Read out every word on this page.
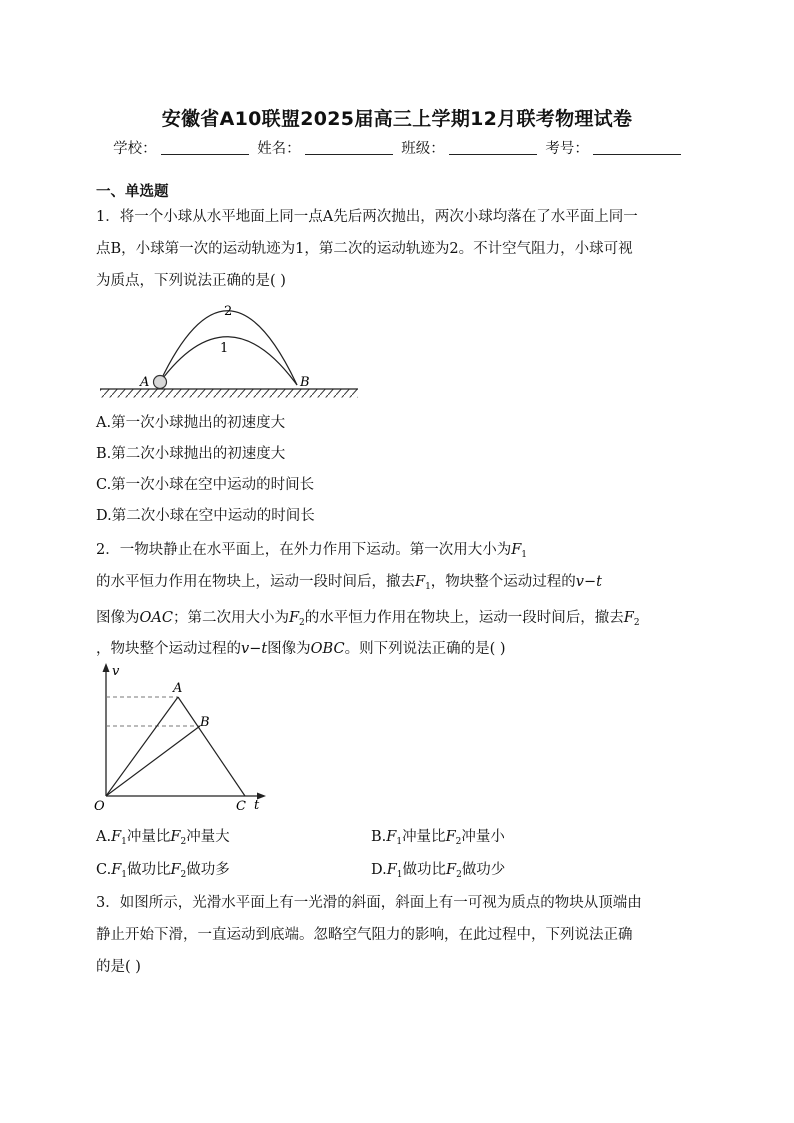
安徽省A10联盟2025届高三上学期12月联考物理试卷
学校：	姓名：	班级：	考号：
一、单选题
1．将一个小球从水平地面上同一点A先后两次抛出，两次小球均落在了水平面上同一
点B，小球第一次的运动轨迹为1，第二次的运动轨迹为2。不计空气阻力，小球可视
为质点，下列说法正确的是( )
A	B
2
1
A.第一次小球抛出的初速度大
B.第二次小球抛出的初速度大
C.第一次小球在空中运动的时间长
D.第二次小球在空中运动的时间长
2．一物块静止在水平面上，在外力作用下运动。第一次用大小为$F_1$
的水平恒力作用在物块上，运动一段时间后，撤去$F_1$，物块整个运动过程的v−t
图像为OAC；第二次用大小为$F_2$的水平恒力作用在物块上，运动一段时间后，撤去$F_2$
，物块整个运动过程的v−t图像为OBC。则下列说法正确的是( )
v
t
O
A
B
C
$A.F_1$冲量比$F_2$冲量大	$B.F_1$冲量比$F_2$冲量小
$C.F_1$做功比$F_2$做功多	$D.F_1$做功比$F_2$做功少
3．如图所示，光滑水平面上有一光滑的斜面，斜面上有一可视为质点的物块从顶端由
静止开始下滑，一直运动到底端。忽略空气阻力的影响，在此过程中，下列说法正确
的是( )
